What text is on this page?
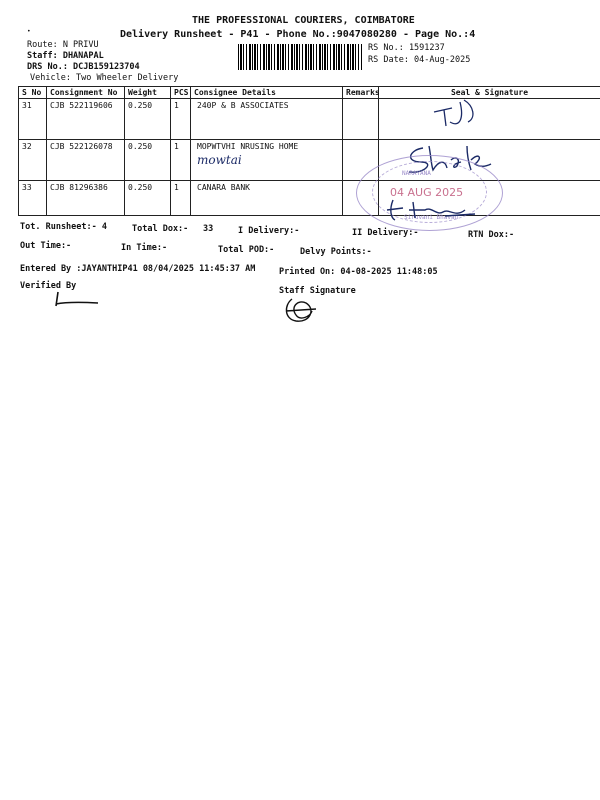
THE PROFESSIONAL COURIERS, COIMBATORE
Delivery Runsheet - P41 - Phone No.:9047080280 - Page No.:4
•
Route: N PRIVU
Staff: DHANAPAL
DRS No.: DCJB159123704
Vehicle: Two Wheeler Delivery
RS No.: 1591237
RS Date: 04-Aug-2025
S No	Consignment No	Weight	PCS	Consignee Details	Remarks	Seal & Signature
31	CJB 522119606	0.250	1	240P & B ASSOCIATES		
32	CJB 522126078	0.250	1	MOPWTVHI NRUSING HOME
mowtai		

33	CJB 81296386	0.250	1	CANARA BANK			04 AUG 2025
NARAYANA
Siruvani Bhavan
Tot. Runsheet:- 4	Total Dox:- 33	I Delivery:-	II Delivery:-	RTN Dox:-
Out Time:-	In Time:-	Total POD:-	Delvy Points:-
Entered By :JAYANTHIP41 08/04/2025 11:45:37 AM	Printed On: 04-08-2025 11:48:05
Verified By	Staff Signature
